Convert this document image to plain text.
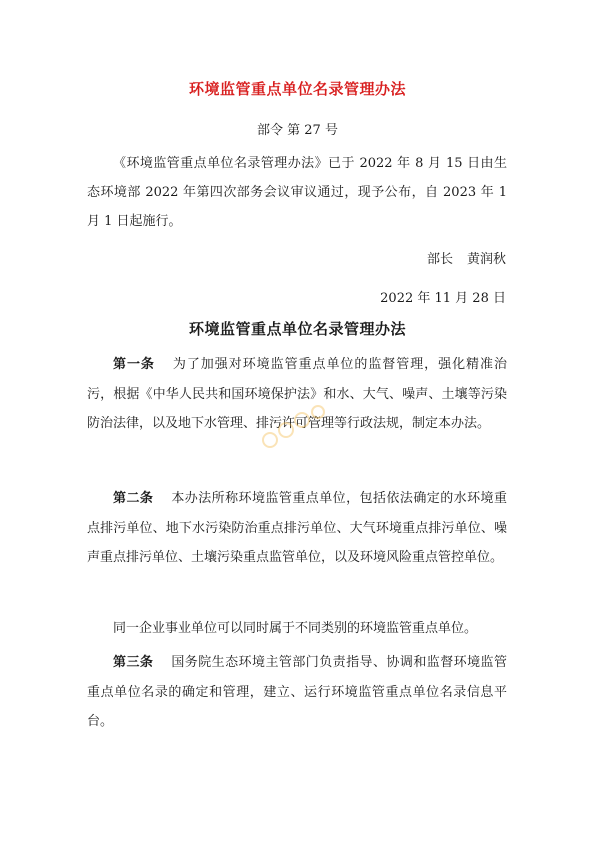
环境监管重点单位名录管理办法
部令 第 27 号
《环境监管重点单位名录管理办法》已于 2022 年 8 月 15 日由生态环境部 2022 年第四次部务会议审议通过，现予公布，自 2023 年 1 月 1 日起施行。
部长 黄润秋
2022 年 11 月 28 日
环境监管重点单位名录管理办法
第一条 为了加强对环境监管重点单位的监督管理，强化精准治污，根据《中华人民共和国环境保护法》和水、大气、噪声、土壤等污染防治法律，以及地下水管理、排污许可管理等行政法规，制定本办法。
第二条 本办法所称环境监管重点单位，包括依法确定的水环境重点排污单位、地下水污染防治重点排污单位、大气环境重点排污单位、噪声重点排污单位、土壤污染重点监管单位，以及环境风险重点管控单位。
同一企业事业单位可以同时属于不同类别的环境监管重点单位。
第三条 国务院生态环境主管部门负责指导、协调和监督环境监管重点单位名录的确定和管理，建立、运行环境监管重点单位名录信息平台。
